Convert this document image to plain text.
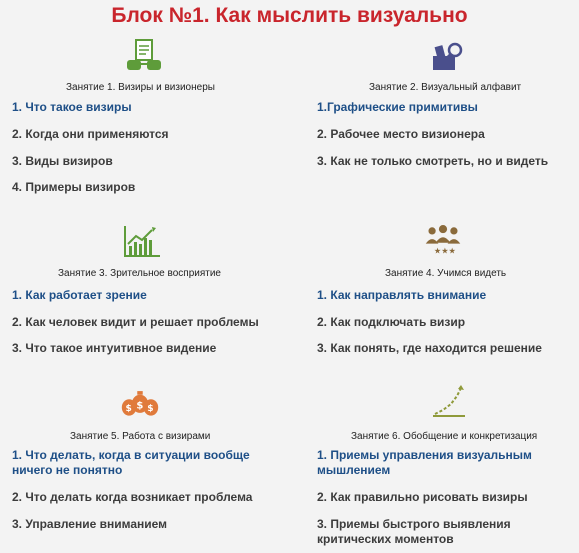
Блок №1. Как мыслить визуально
Занятие 1. Визиры и визионеры
1. Что такое визиры
2. Когда они применяются
3. Виды визиров
4. Примеры визиров
Занятие 2. Визуальный алфавит
1.Графические примитивы
2. Рабочее место визионера
3. Как не только смотреть, но и видеть
Занятие 3. Зрительное восприятие
1. Как работает зрение
2. Как человек видит и решает проблемы
3. Что такое интуитивное видение
★★★
Занятие 4. Учимся видеть
1. Как направлять внимание
2. Как подключать визир
3. Как понять, где находится решение
$ $ $
Занятие 5. Работа с визирами
1. Что делать, когда в ситуации вообще ничего не понятно
2. Что делать когда возникает проблема
3. Управление вниманием
Занятие 6. Обобщение и конкретизация
1. Приемы управления визуальным мышлением
2. Как правильно рисовать визиры
3. Приемы быстрого выявления критических моментов
